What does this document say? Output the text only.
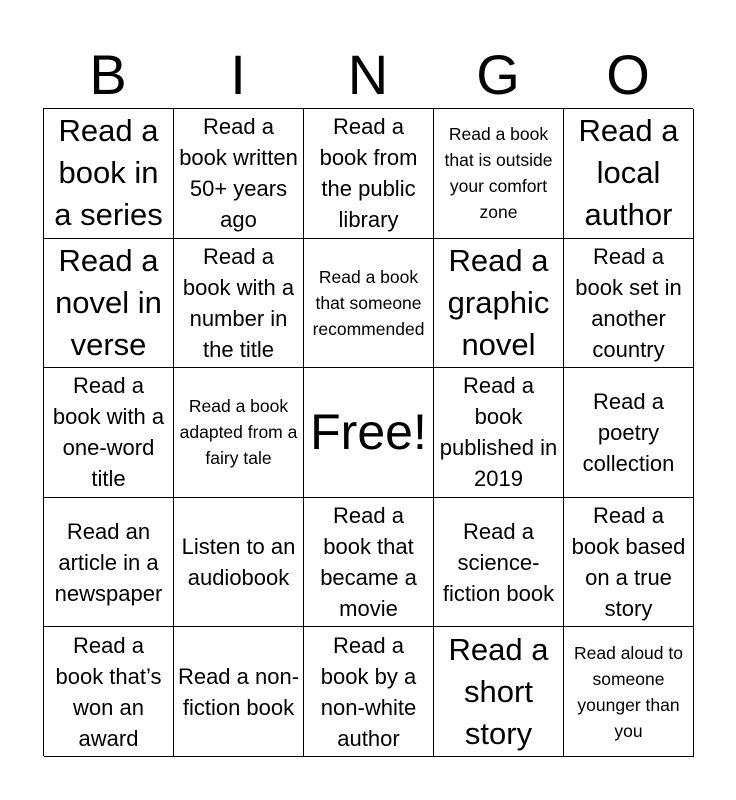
B	I	N	G	O
Read a book in a series
Read a book written 50+ years ago
Read a book from the public library
Read a book that is outside your comfort zone
Read a local author
Read a novel in verse
Read a book with a number in the title
Read a book that someone recommended
Read a graphic novel
Read a book set in another country
Read a book with a one-word title
Read a book adapted from a fairy tale Free!
Read a book published in 2019
Read a poetry collection
Read an article in a newspaper
Listen to an audiobook
Read a book that became a movie
Read a science-fiction book
Read a book based on a true story
Read a book that’s won an award
Read a non-fiction book
Read a book by a non-white author
Read a short story
Read aloud to someone younger than you
